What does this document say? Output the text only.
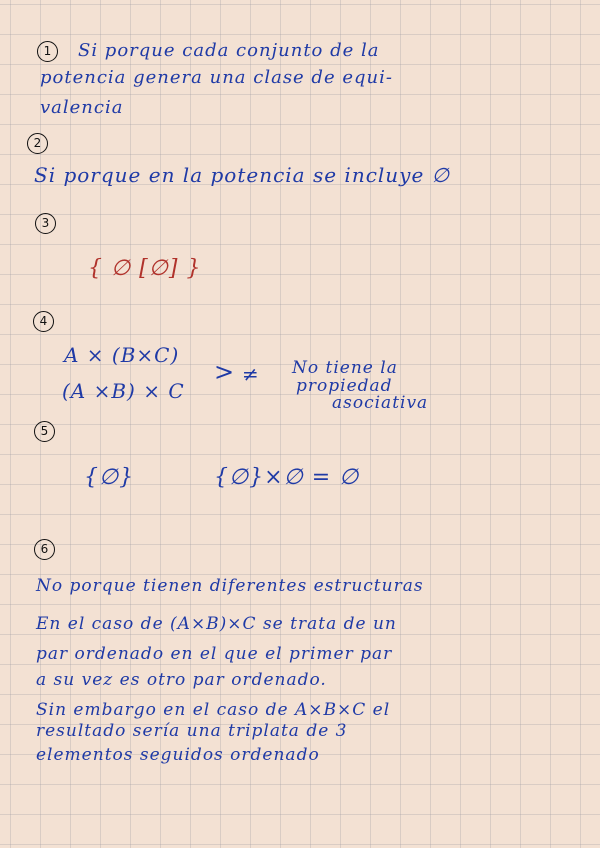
1	Si porque cada conjunto de la
potencia genera una clase de equi-
valencia
2
Si porque en la potencia se incluye ∅
3
{ ∅ [∅] }
4
A × (B×C)
(A ×B) × C
> ≠ No tiene la
propiedad
asociativa
5
{∅}	{∅}×∅ = ∅
6
No porque tienen diferentes estructuras
En el caso de (A×B)×C se trata de un
par ordenado en el que el primer par
a su vez es otro par ordenado.
Sin embargo en el caso de A×B×C el
resultado sería una triplata de 3
elementos seguidos ordenado
